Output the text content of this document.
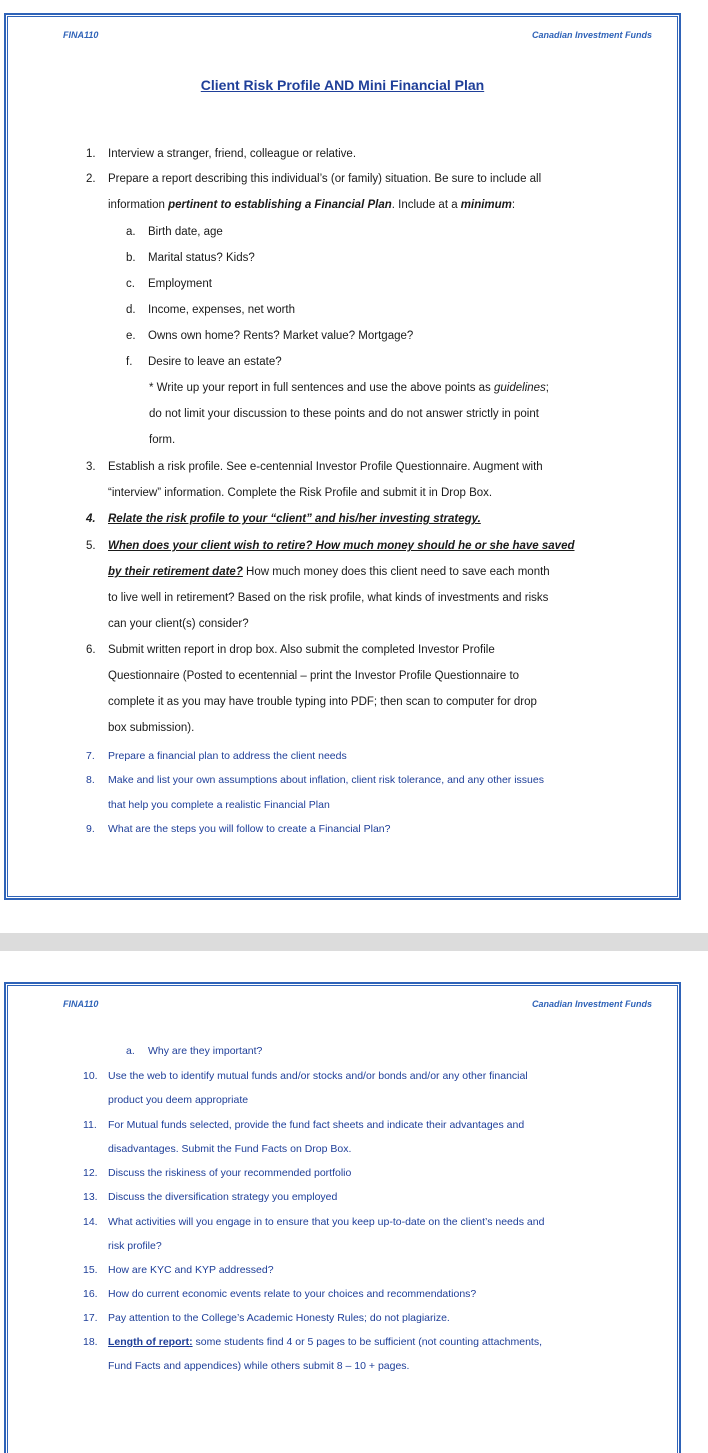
FINA110	Canadian Investment Funds
Client Risk Profile AND Mini Financial Plan
1. Interview a stranger, friend, colleague or relative.
2. Prepare a report describing this individual’s (or family) situation. Be sure to include all
information pertinent to establishing a Financial Plan. Include at a minimum:
a. Birth date, age
b. Marital status? Kids?
c. Employment
d. Income, expenses, net worth
e. Owns own home? Rents? Market value? Mortgage?
f. Desire to leave an estate?
* Write up your report in full sentences and use the above points as guidelines;
do not limit your discussion to these points and do not answer strictly in point
form.
3. Establish a risk profile. See e-centennial Investor Profile Questionnaire. Augment with
“interview” information. Complete the Risk Profile and submit it in Drop Box.
4. Relate the risk profile to your “client” and his/her investing strategy.
5. When does your client wish to retire? How much money should he or she have saved
by their retirement date? How much money does this client need to save each month
to live well in retirement? Based on the risk profile, what kinds of investments and risks
can your client(s) consider?
6. Submit written report in drop box. Also submit the completed Investor Profile
Questionnaire (Posted to ecentennial – print the Investor Profile Questionnaire to
complete it as you may have trouble typing into PDF; then scan to computer for drop
box submission).
7. Prepare a financial plan to address the client needs
8. Make and list your own assumptions about inflation, client risk tolerance, and any other issues
that help you complete a realistic Financial Plan
9. What are the steps you will follow to create a Financial Plan?
FINA110	Canadian Investment Funds
a. Why are they important?
10. Use the web to identify mutual funds and/or stocks and/or bonds and/or any other financial
product you deem appropriate
11. For Mutual funds selected, provide the fund fact sheets and indicate their advantages and
disadvantages. Submit the Fund Facts on Drop Box.
12. Discuss the riskiness of your recommended portfolio
13. Discuss the diversification strategy you employed
14. What activities will you engage in to ensure that you keep up-to-date on the client’s needs and
risk profile?
15. How are KYC and KYP addressed?
16. How do current economic events relate to your choices and recommendations?
17. Pay attention to the College’s Academic Honesty Rules; do not plagiarize.
18. Length of report: some students find 4 or 5 pages to be sufficient (not counting attachments,
Fund Facts and appendices) while others submit 8 – 10 + pages.
